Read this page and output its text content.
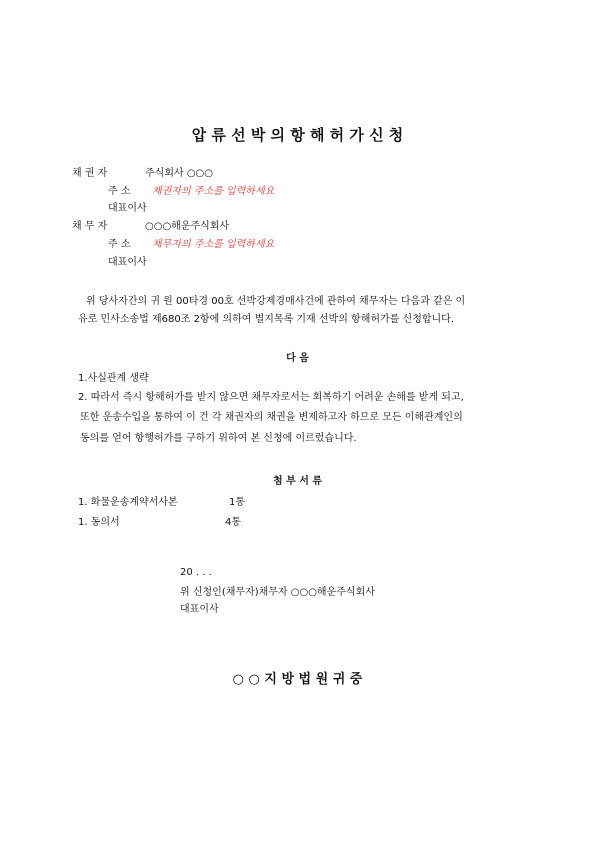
압 류 선 박 의 항 해 허 가 신 청
채 권 자	주식회사 ○○○
주 소 채권자의 주소를 입력하세요
대표이사
채 무 자	○○○해운주식회사
주 소 채무자의 주소를 입력하세요
대표이사
위 당사자간의 귀 원 00타경 00호 선박강제경매사건에 관하여 채무자는 다음과 같은 이
유로 민사소송법 제680조 2항에 의하여 별지목록 기재 선박의 항해허가를 신청합니다.
다 음
1.사실관계 생략
2. 따라서 즉시 항해허가를 받지 않으면 채무자로서는 회복하기 어려운 손해를 받게 되고,
또한 운송수입을 통하여 이 건 각 채권자의 채권을 변제하고자 하므로 모든 이해관계인의
동의를 얻어 항행허가를 구하기 위하여 본 신청에 이르렀습니다.
첨 부 서 류
1. 화물운송계약서사본	1통
1. 동의서	4통
20 . . .
위 신청인(채무자)채무자 ○○○해운주식회사
대표이사
○ ○ 지 방 법 원 귀 중
